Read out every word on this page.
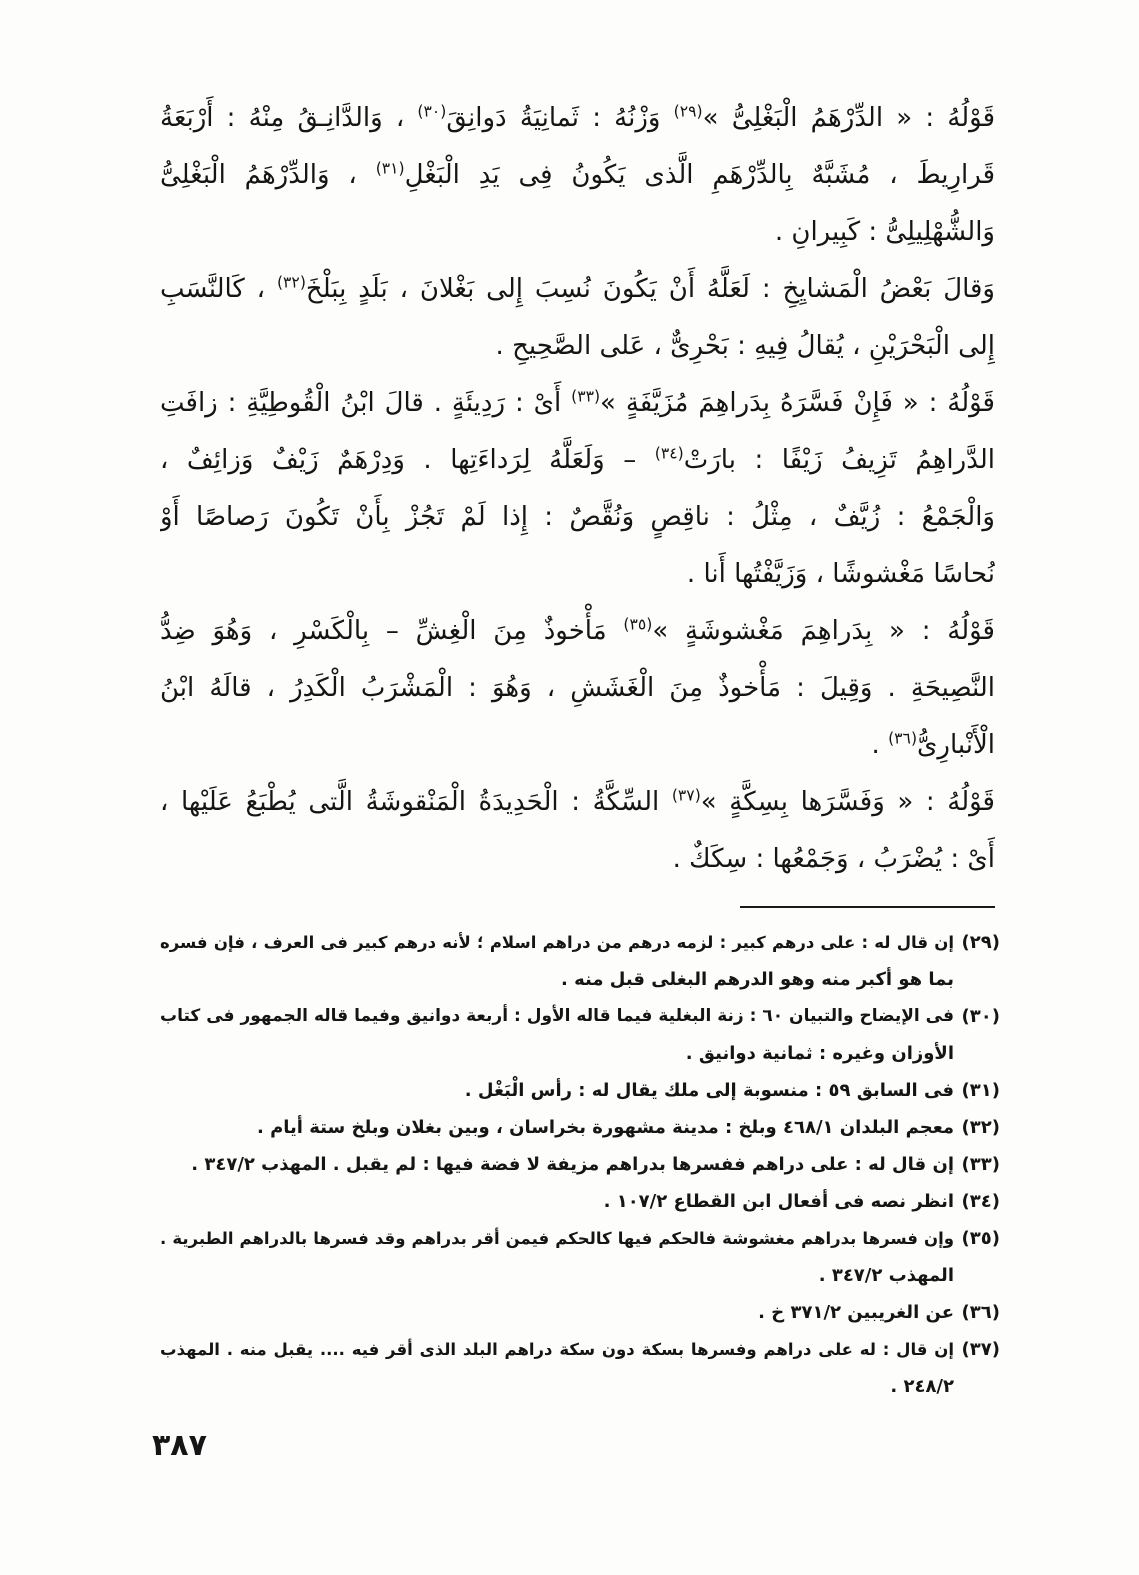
قَوْلُهُ : « الدِّرْهَمُ الْبَغْلِىُّ »$^{(٢٩)}$ وَزْنُهُ : ثَمانِيَةُ دَوانِقَ$^{(٣٠)}$ ، وَالدَّانِـقُ مِنْهُ : أَرْبَعَةُ
قَرارِيطَ ، مُشَبَّهٌ بِالدِّرْهَمِ الَّذى يَكُونُ فِى يَدِ الْبَغْلِ$^{(٣١)}$ ، وَالدِّرْهَمُ الْبَغْلِىُّ
وَالشُّهْلِيلِىُّ : كَبِيرانِ .
وَقالَ بَعْضُ الْمَشايِخِ : لَعَلَّهُ أَنْ يَكُونَ نُسِبَ إِلى بَغْلانَ ، بَلَدٍ بِبَلْخَ$^{(٣٢)}$ ، كَالنَّسَبِ
إِلى الْبَحْرَيْنِ ، يُقالُ فِيهِ : بَحْرِىٌّ ، عَلى الصَّحِيحِ .
قَوْلُهُ : « فَإِنْ فَسَّرَهُ بِدَراهِمَ مُزَيَّفَةٍ »$^{(٣٣)}$ أَىْ : رَدِيئَةٍ . قالَ ابْنُ الْقُوطِيَّةِ : زافَتِ
الدَّراهِمُ تَزِيفُ زَيْفًا : بارَتْ$^{(٣٤)}$ – وَلَعَلَّهُ لِرَداءَتِها . وَدِرْهَمٌ زَيْفٌ وَزائِفٌ ،
وَالْجَمْعُ : زُيَّفٌ ، مِثْلُ : ناقِصٍ وَنُقَّصٌ : إِذا لَمْ تَجُزْ بِأَنْ تَكُونَ رَصاصًا أَوْ
نُحاسًا مَغْشوشًا ، وَزَيَّفْتُها أَنا .
قَوْلُهُ : « بِدَراهِمَ مَغْشوشَةٍ »$^{(٣٥)}$ مَأْخوذٌ مِنَ الْغِشِّ – بِالْكَسْرِ ، وَهُوَ ضِدُّ
النَّصِيحَةِ . وَقِيلَ : مَأْخوذٌ مِنَ الْغَشَشِ ، وَهُوَ : الْمَشْرَبُ الْكَدِرُ ، قالَهُ ابْنُ
الْأَنْبارِىُّ$^{(٣٦)}$ .
قَوْلُهُ : « وَفَسَّرَها بِسِكَّةٍ »$^{(٣٧)}$ السِّكَّةُ : الْحَدِيدَةُ الْمَنْقوشَةُ الَّتى يُطْبَعُ عَلَيْها ،
أَىْ : يُضْرَبُ ، وَجَمْعُها : سِكَكٌ .
(٢٩)
إن قال له : على درهم كبير : لزمه درهم من دراهم اسلام ؛ لأنه درهم كبير فى العرف ، فإن فسره
بما هو أكبر منه وهو الدرهم البغلى قبل منه .
(٣٠)
فى الإيضاح والتبيان ٦٠ : زنة البغلية فيما قاله الأول : أربعة دوانيق وفيما قاله الجمهور فى كتاب
الأوزان وغيره : ثمانية دوانيق .
(٣١)
فى السابق ٥٩ : منسوبة إلى ملك يقال له : رأس الْبَغْل .
(٣٢)
معجم البلدان ٤٦٨/١ وبلخ : مدينة مشهورة بخراسان ، وبين بغلان وبلخ ستة أيام .
(٣٣)
إن قال له : على دراهم ففسرها بدراهم مزيفة لا فضة فيها : لم يقبل . المهذب ٣٤٧/٢ .
(٣٤)
انظر نصه فى أفعال ابن القطاع ١٠٧/٢ .
(٣٥)
وإن فسرها بدراهم مغشوشة فالحكم فيها كالحكم فيمن أقر بدراهم وقد فسرها بالدراهم الطبرية .
المهذب ٣٤٧/٢ .
(٣٦)
عن الغريبين ٣٧١/٢ خ .
(٣٧)
إن قال : له على دراهم وفسرها بسكة دون سكة دراهم البلد الذى أقر فيه .... يقبل منه . المهذب
٢٤٨/٢ .
٣٨٧
